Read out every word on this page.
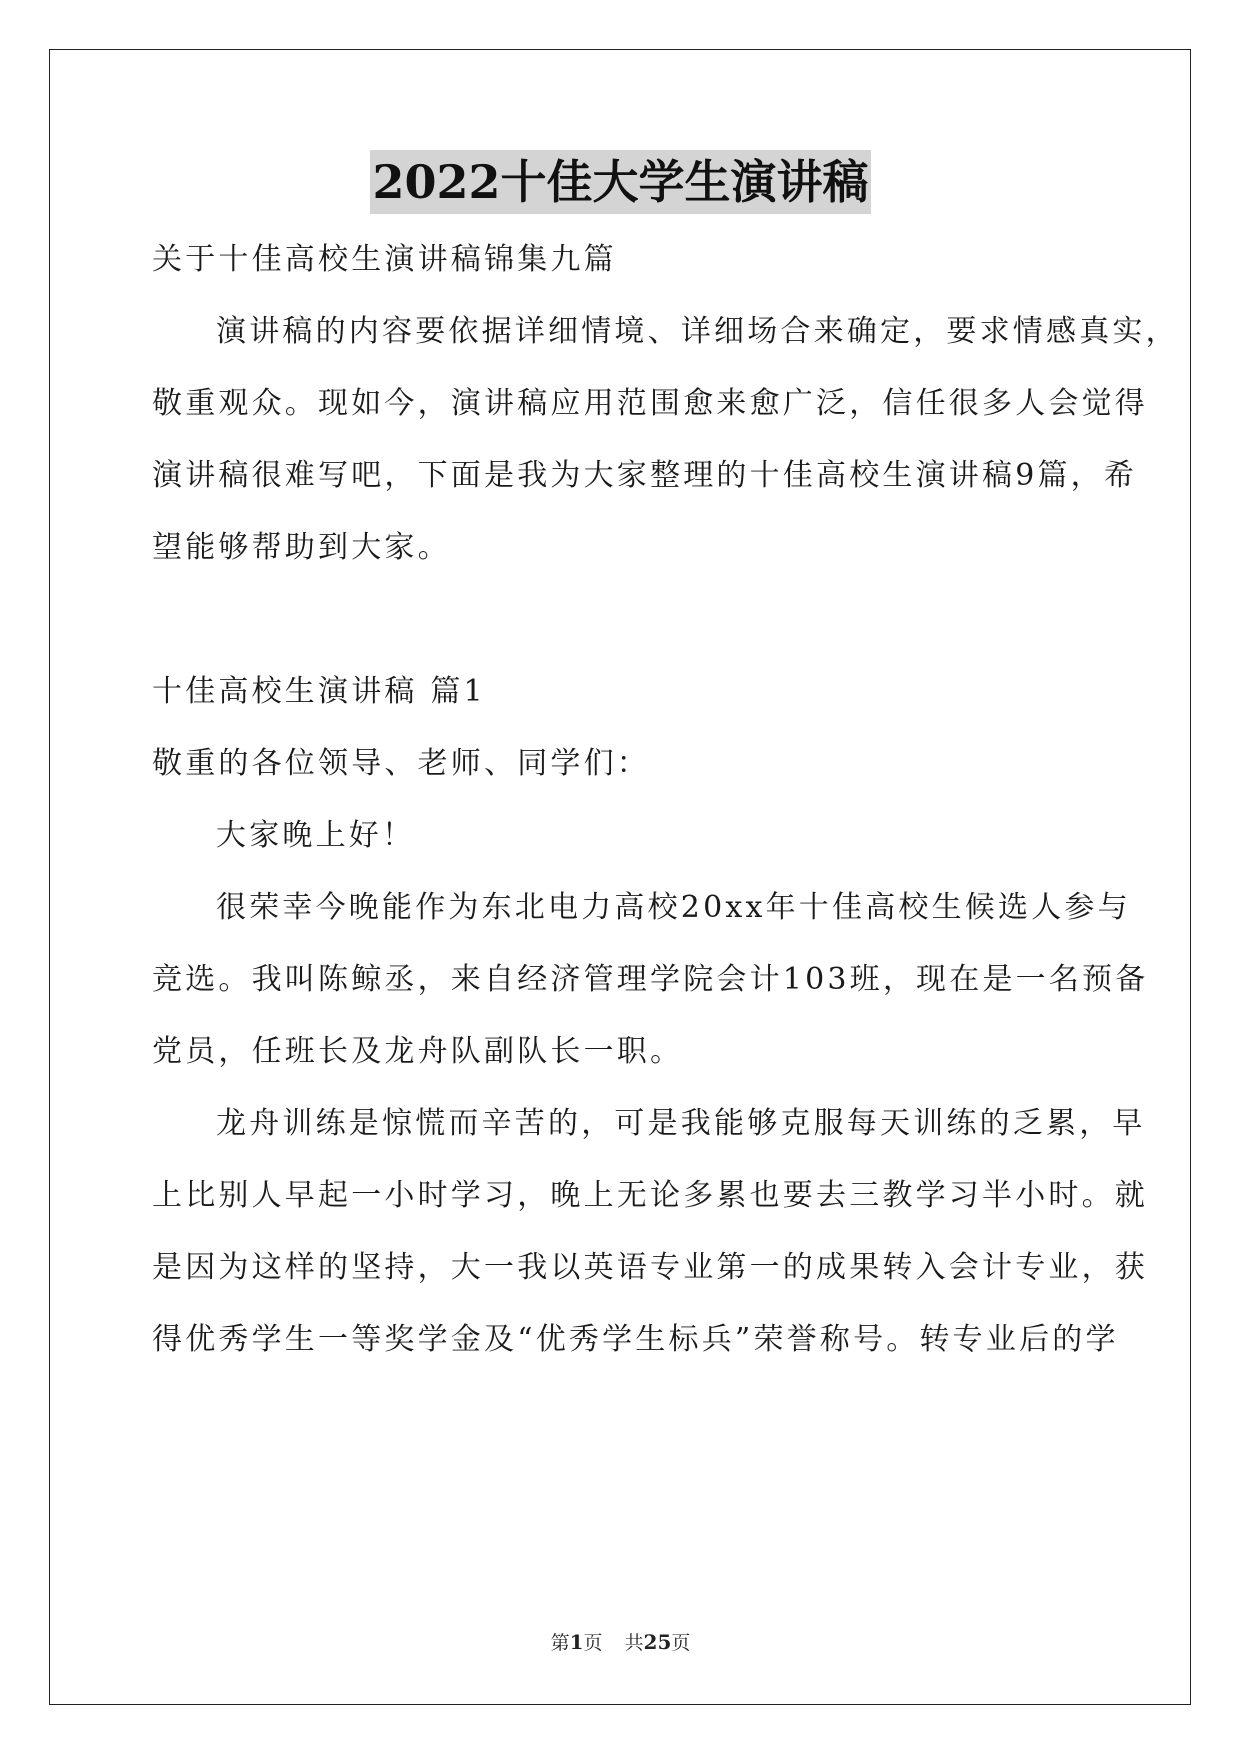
2022十佳大学生演讲稿
关于十佳高校生演讲稿锦集九篇
演讲稿的内容要依据详细情境、详细场合来确定，要求情感真实，
敬重观众。现如今，演讲稿应用范围愈来愈广泛，信任很多人会觉得
演讲稿很难写吧，下面是我为大家整理的十佳高校生演讲稿9篇，希
望能够帮助到大家。
十佳高校生演讲稿 篇1
敬重的各位领导、老师、同学们：
大家晚上好！
很荣幸今晚能作为东北电力高校20xx年十佳高校生候选人参与
竞选。我叫陈鲸丞，来自经济管理学院会计103班，现在是一名预备
党员，任班长及龙舟队副队长一职。
龙舟训练是惊慌而辛苦的，可是我能够克服每天训练的乏累，早
上比别人早起一小时学习，晚上无论多累也要去三教学习半小时。就
是因为这样的坚持，大一我以英语专业第一的成果转入会计专业，获
得优秀学生一等奖学金及“优秀学生标兵”荣誉称号。转专业后的学
第1页 共25页
